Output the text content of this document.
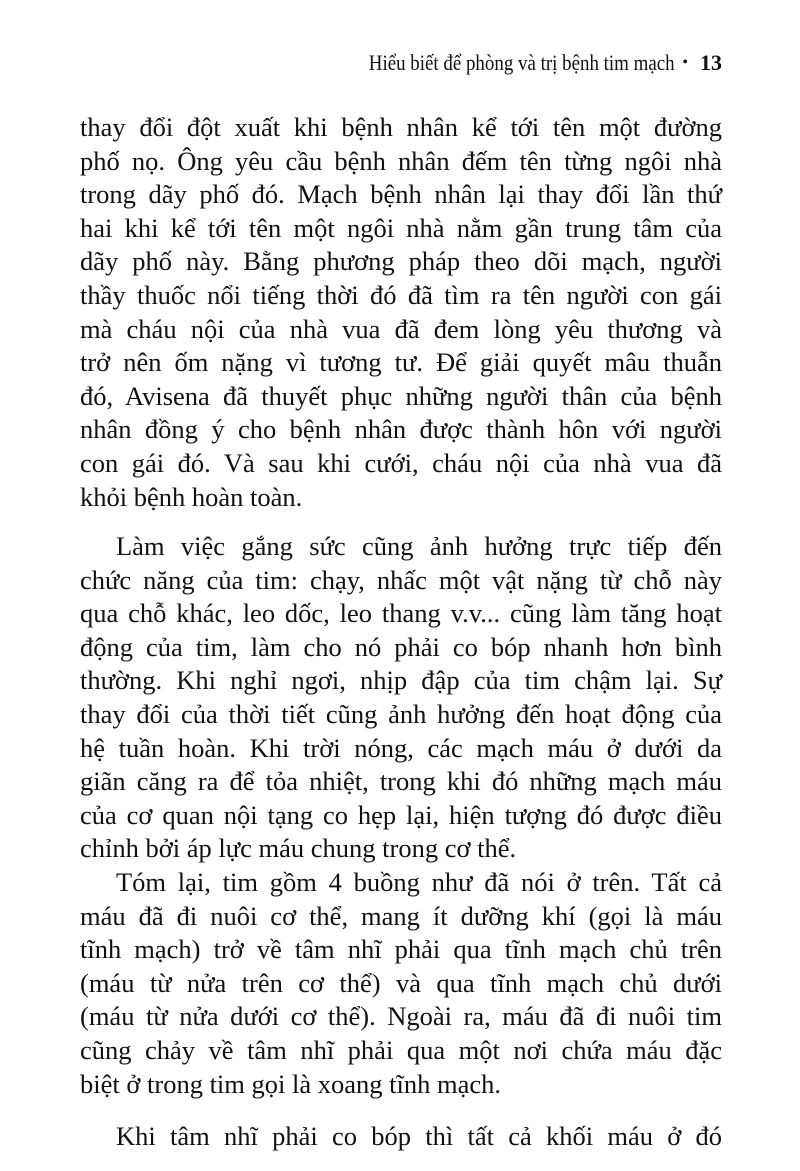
Hiểu biết để phòng và trị bệnh tim mạch • 13
thay đổi đột xuất khi bệnh nhân kể tới tên một đường
phố nọ. Ông yêu cầu bệnh nhân đếm tên từng ngôi nhà
trong dãy phố đó. Mạch bệnh nhân lại thay đổi lần thứ
hai khi kể tới tên một ngôi nhà nằm gần trung tâm của
dãy phố này. Bằng phương pháp theo dõi mạch, người
thầy thuốc nổi tiếng thời đó đã tìm ra tên người con gái
mà cháu nội của nhà vua đã đem lòng yêu thương và
trở nên ốm nặng vì tương tư. Để giải quyết mâu thuẫn
đó, Avisena đã thuyết phục những người thân của bệnh
nhân đồng ý cho bệnh nhân được thành hôn với người
con gái đó. Và sau khi cưới, cháu nội của nhà vua đã
khỏi bệnh hoàn toàn.
Làm việc gắng sức cũng ảnh hưởng trực tiếp đến
chức năng của tim: chạy, nhấc một vật nặng từ chỗ này
qua chỗ khác, leo dốc, leo thang v.v... cũng làm tăng hoạt
động của tim, làm cho nó phải co bóp nhanh hơn bình
thường. Khi nghỉ ngơi, nhịp đập của tim chậm lại. Sự
thay đổi của thời tiết cũng ảnh hưởng đến hoạt động của
hệ tuần hoàn. Khi trời nóng, các mạch máu ở dưới da
giãn căng ra để tỏa nhiệt, trong khi đó những mạch máu
của cơ quan nội tạng co hẹp lại, hiện tượng đó được điều
chỉnh bởi áp lực máu chung trong cơ thể.
Tóm lại, tim gồm 4 buồng như đã nói ở trên. Tất cả
máu đã đi nuôi cơ thể, mang ít dưỡng khí (gọi là máu
tĩnh mạch) trở về tâm nhĩ phải qua tĩnh mạch chủ trên
(máu từ nửa trên cơ thể) và qua tĩnh mạch chủ dưới
(máu từ nửa dưới cơ thể). Ngoài ra, máu đã đi nuôi tim
cũng chảy về tâm nhĩ phải qua một nơi chứa máu đặc
biệt ở trong tim gọi là xoang tĩnh mạch.
Khi tâm nhĩ phải co bóp thì tất cả khối máu ở đó
